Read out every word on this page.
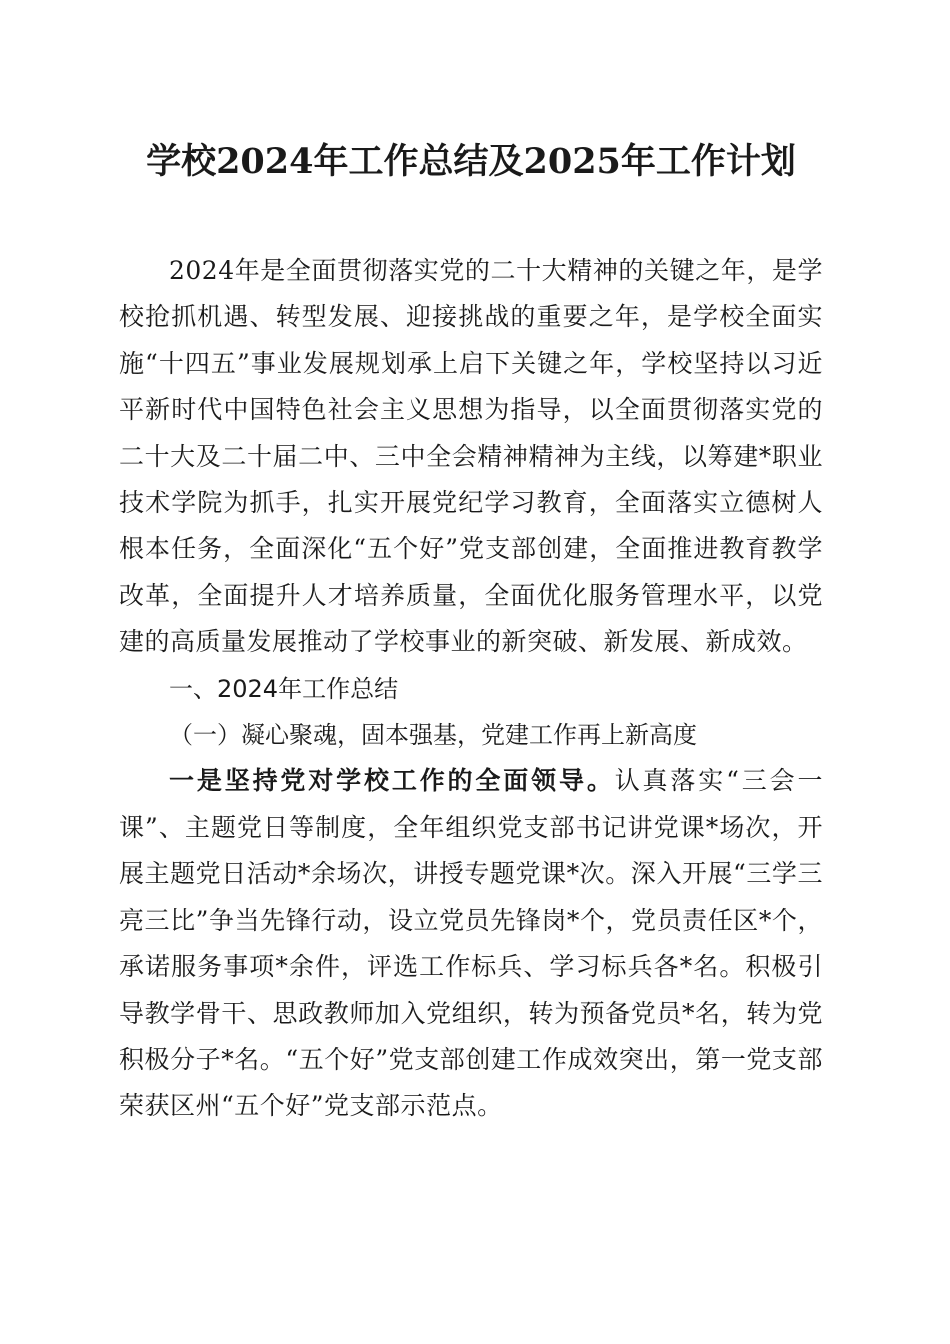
学校2024年工作总结及2025年工作计划

2024年是全面贯彻落实党的二十大精神的关键之年，是学校抢抓机遇、转型发展、迎接挑战的重要之年，是学校全面实施“十四五”事业发展规划承上启下关键之年，学校坚持以习近平新时代中国特色社会主义思想为指导，以全面贯彻落实党的二十大及二十届二中、三中全会精神精神为主线，以筹建*职业技术学院为抓手，扎实开展党纪学习教育，全面落实立德树人根本任务，全面深化“五个好”党支部创建，全面推进教育教学改革，全面提升人才培养质量，全面优化服务管理水平，以党建的高质量发展推动了学校事业的新突破、新发展、新成效。

一、2024年工作总结
（一）凝心聚魂，固本强基，党建工作再上新高度

一是坚持党对学校工作的全面领导。认真落实“三会一课”、主题党日等制度，全年组织党支部书记讲党课*场次，开展主题党日活动*余场次，讲授专题党课*次。深入开展“三学三亮三比”争当先锋行动，设立党员先锋岗*个，党员责任区*个，承诺服务事项*余件，评选工作标兵、学习标兵各*名。积极引导教学骨干、思政教师加入党组织，转为预备党员*名，转为党积极分子*名。“五个好”党支部创建工作成效突出，第一党支部荣获区州“五个好”党支部示范点。
